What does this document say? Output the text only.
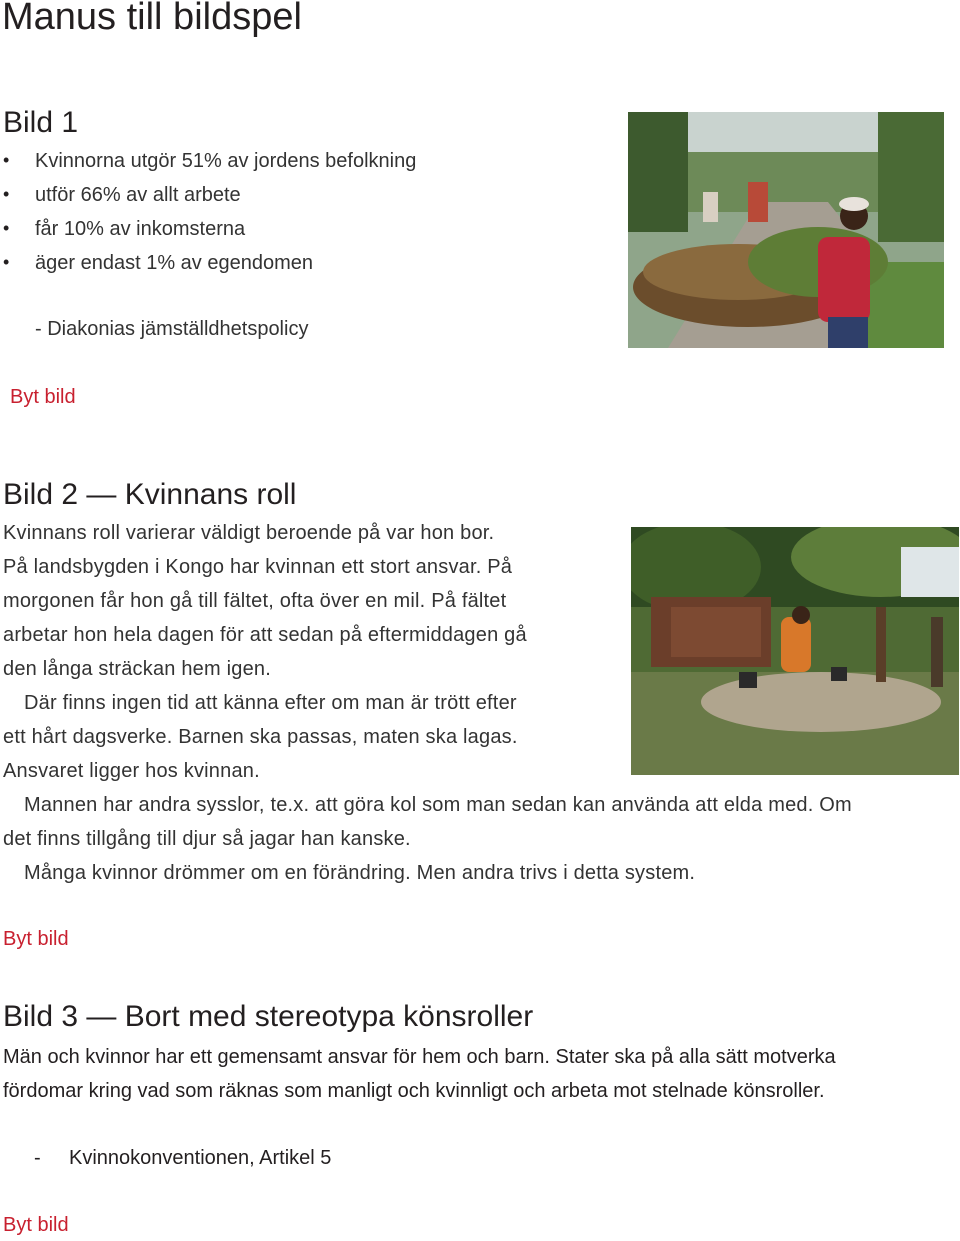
Manus till bildspel
Bild 1
• Kvinnorna utgör 51% av jordens befolkning
• utför 66% av allt arbete
• får 10% av inkomsterna
• äger endast 1% av egendomen
- Diakonias jämställdhetspolicy
Byt bild
Bild 2 — Kvinnans roll
Kvinnans roll varierar väldigt beroende på var hon bor.
På landsbygden i Kongo har kvinnan ett stort ansvar. På
morgonen får hon gå till fältet, ofta över en mil. På fältet
arbetar hon hela dagen för att sedan på eftermiddagen gå
den långa sträckan hem igen.
Där finns ingen tid att känna efter om man är trött efter
ett hårt dagsverke. Barnen ska passas, maten ska lagas.
Ansvaret ligger hos kvinnan.
Mannen har andra sysslor, te.x. att göra kol som man sedan kan använda att elda med. Om
det finns tillgång till djur så jagar han kanske.
Många kvinnor drömmer om en förändring. Men andra trivs i detta system.
Byt bild
Bild 3 — Bort med stereotypa könsroller
Män och kvinnor har ett gemensamt ansvar för hem och barn. Stater ska på alla sätt motverka
fördomar kring vad som räknas som manligt och kvinnligt och arbeta mot stelnade könsroller.
- Kvinnokonventionen, Artikel 5
Byt bild
